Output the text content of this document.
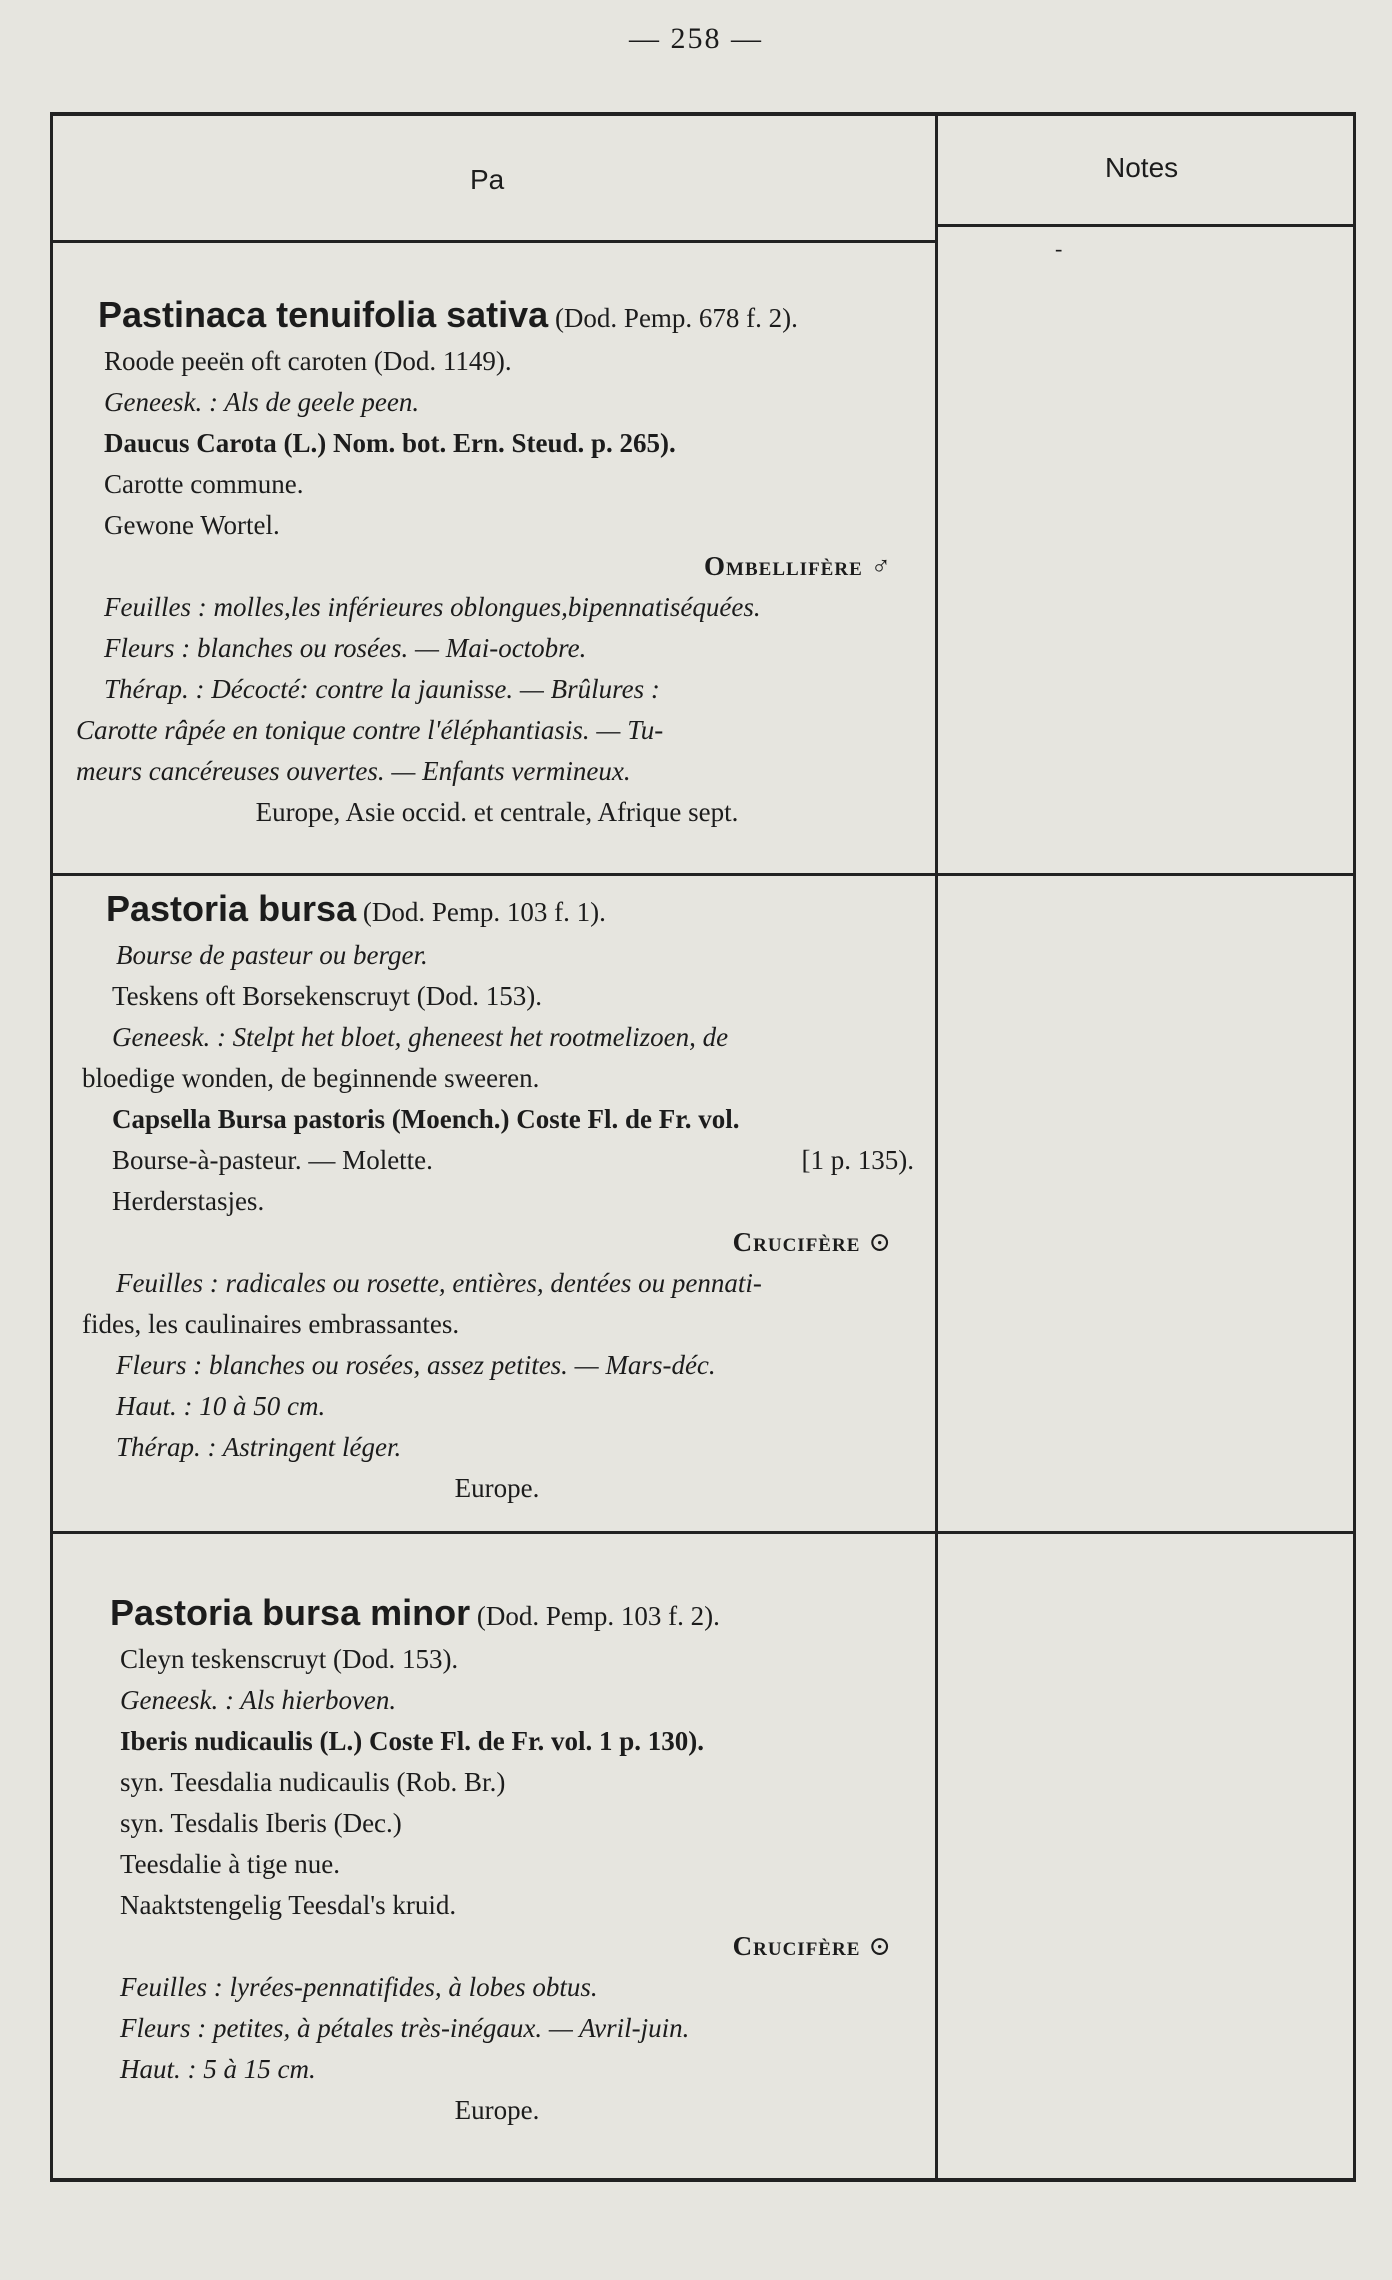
— 258 —
Pa	Notes
-
Pastinaca tenuifolia sativa (Dod. Pemp. 678 f. 2).
Roode peeën oft caroten (Dod. 1149).
Geneesk. : Als de geele peen.
Daucus Carota (L.) Nom. bot. Ern. Steud. p. 265).
Carotte commune.
Gewone Wortel.
Ombellifère ♂
Feuilles : molles,les inférieures oblongues,bipennatiséquées.
Fleurs : blanches ou rosées. — Mai-octobre.
Thérap. : Décocté: contre la jaunisse. — Brûlures :
Carotte râpée en tonique contre l'éléphantiasis. — Tu-
meurs cancéreuses ouvertes. — Enfants vermineux.
Europe, Asie occid. et centrale, Afrique sept.
Pastoria bursa (Dod. Pemp. 103 f. 1).
Bourse de pasteur ou berger.
Teskens oft Borsekenscruyt (Dod. 153).
Geneesk. : Stelpt het bloet, gheneest het rootmelizoen, de
bloedige wonden, de beginnende sweeren.
Capsella Bursa pastoris (Moench.) Coste Fl. de Fr. vol.
Bourse-à-pasteur. — Molette.	[1 p. 135).
Herderstasjes.
Crucifère ⊙
Feuilles : radicales ou rosette, entières, dentées ou pennati-
fides, les caulinaires embrassantes.
Fleurs : blanches ou rosées, assez petites. — Mars-déc.
Haut. : 10 à 50 cm.
Thérap. : Astringent léger.
Europe.
Pastoria bursa minor (Dod. Pemp. 103 f. 2).
Cleyn teskenscruyt (Dod. 153).
Geneesk. : Als hierboven.
Iberis nudicaulis (L.) Coste Fl. de Fr. vol. 1 p. 130).
syn. Teesdalia nudicaulis (Rob. Br.)
syn. Tesdalis Iberis (Dec.)
Teesdalie à tige nue.
Naaktstengelig Teesdal's kruid.
Crucifère ⊙
Feuilles : lyrées-pennatifides, à lobes obtus.
Fleurs : petites, à pétales très-inégaux. — Avril-juin.
Haut. : 5 à 15 cm.
Europe.
